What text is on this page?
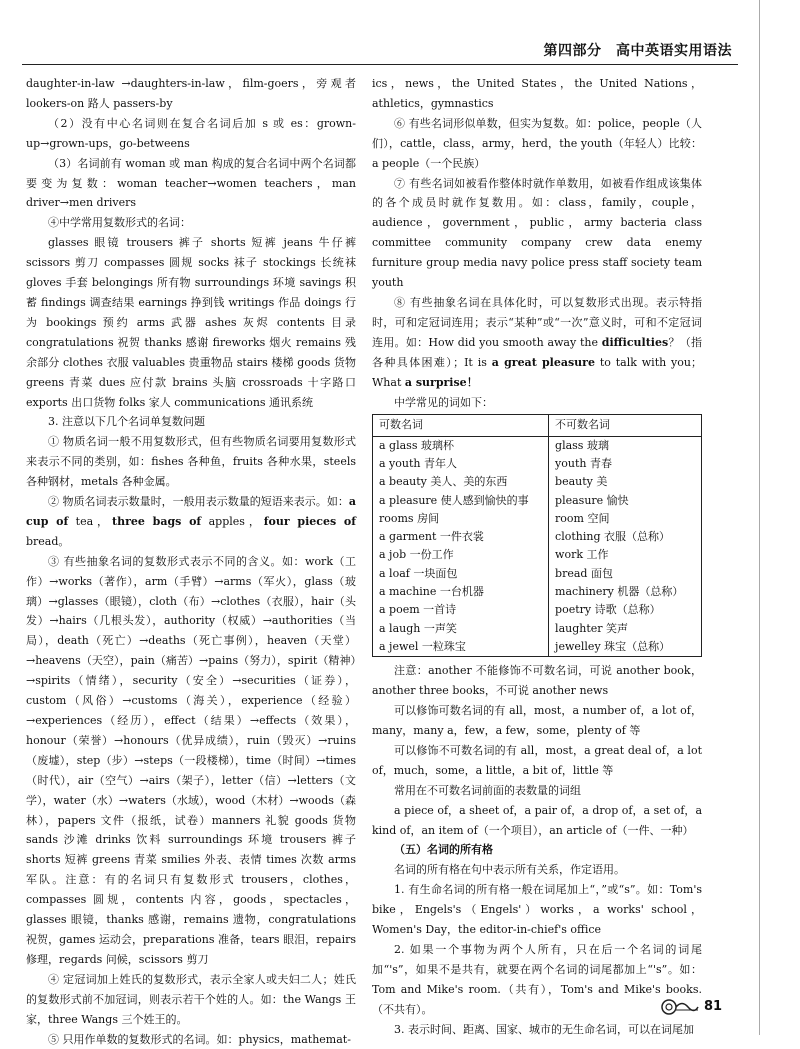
第四部分　高中英语实用语法

daughter-in-law →daughters-in-law，film-goers，旁观者 lookers-on 路人 passers-by

（2）没有中心名词则在复合名词后加 s 或 es：grown-up→grown-ups，go-betweens

（3）名词前有 woman 或 man 构成的复合名词中两个名词都要变为复数：woman teacher→women teachers，man driver→men drivers

④中学常用复数形式的名词：

glasses 眼镜 trousers 裤子 shorts 短裤 jeans 牛仔裤 scissors 剪刀 compasses 圆规 socks 袜子 stockings 长统袜 gloves 手套 belongings 所有物 surroundings 环境 savings 积蓄 findings 调查结果 earnings 挣到钱 writings 作品 doings 行为 bookings 预约 arms 武器 ashes 灰烬 contents 目录 congratulations 祝贺 thanks 感谢 fireworks 烟火 remains 残余部分 clothes 衣服 valuables 贵重物品 stairs 楼梯 goods 货物 greens 青菜 dues 应付款 brains 头脑 crossroads 十字路口 exports 出口货物 folks 家人 communications 通讯系统

3. 注意以下几个名词单复数问题

① 物质名词一般不用复数形式，但有些物质名词要用复数形式来表示不同的类别，如：fishes 各种鱼，fruits 各种水果，steels 各种钢材，metals 各种金属。

② 物质名词表示数量时，一般用表示数量的短语来表示。如：a cup of tea，three bags of apples，four pieces of bread。

③ 有些抽象名词的复数形式表示不同的含义。如：work（工作）→works（著作），arm（手臂）→arms（军火），glass（玻璃）→glasses（眼镜），cloth（布）→clothes（衣服），hair（头发）→hairs（几根头发），authority（权威）→authorities（当局），death（死亡）→deaths（死亡事例），heaven（天堂）→heavens（天空），pain（痛苦）→pains（努力），spirit（精神）→spirits（情绪），security（安全）→securities（证券），custom（风俗）→customs（海关），experience（经验）→experiences（经历），effect（结果）→effects（效果），honour（荣誉）→honours（优异成绩），ruin（毁灭）→ruins（废墟），step（步）→steps（一段楼梯），time（时间）→times（时代），air（空气）→airs（架子），letter（信）→letters（文学），water（水）→waters（水域），wood（木材）→woods（森林），papers 文件（报纸，试卷）manners 礼貌 goods 货物 sands 沙滩 drinks 饮料 surroundings 环境 trousers 裤子 shorts 短裤 greens 青菜 smilies 外表、表情 times 次数 arms 军队。注意：有的名词只有复数形式 trousers，clothes，compasses 圆规，contents 内容，goods，spectacles，glasses 眼镜，thanks 感谢，remains 遗物，congratulations 祝贺，games 运动会，preparations 准备，tears 眼泪，repairs 修理，regards 问候，scissors 剪刀

④ 定冠词加上姓氏的复数形式，表示全家人或夫妇二人；姓氏的复数形式前不加冠词，则表示若干个姓的人。如：the Wangs 王家，three Wangs 三个姓王的。

⑤ 只用作单数的复数形式的名词。如：physics，mathemat-

ics，news，the United States，the United Nations，athletics，gymnastics

⑥ 有些名词形似单数，但实为复数。如：police，people（人们），cattle，class，army，herd，the youth（年轻人）比较：a people（一个民族）

⑦ 有些名词如被看作整体时就作单数用，如被看作组成该集体的各个成员时就作复数用。如：class，family，couple，audience，government，public，army bacteria class committee community company crew data enemy furniture group media navy police press staff society team youth

⑧ 有些抽象名词在具体化时，可以复数形式出现。表示特指时，可和定冠词连用；表示“某种”或“一次”意义时，可和不定冠词连用。如：How did you smooth away the difficulties？（指各种具体困难）；It is a great pleasure to talk with you；What a surprise！

中学常见的词如下：

可数名词	不可数名词
a glass 玻璃杯	glass 玻璃
a youth 青年人	youth 青春
a beauty 美人、美的东西	beauty 美
a pleasure 使人感到愉快的事	pleasure 愉快
rooms 房间	room 空间
a garment 一件衣裳	clothing 衣服（总称）
a job 一份工作	work 工作
a loaf 一块面包	bread 面包
a machine 一台机器	machinery 机器（总称）
a poem 一首诗	poetry 诗歌（总称）
a laugh 一声笑	laughter 笑声
a jewel 一粒珠宝	jewelley 珠宝（总称）

注意：another 不能修饰不可数名词，可说 another book，another three books，不可说 another news

可以修饰可数名词的有 all，most，a number of，a lot of，many，many a，few，a few，some，plenty of 等

可以修饰不可数名词的有 all，most，a great deal of，a lot of，much，some，a little，a bit of，little 等

常用在不可数名词前面的表数量的词组

a piece of，a sheet of，a pair of，a drop of，a set of，a kind of，an item of（一个项目），an article of（一件、一种）

（五）名词的所有格

名词的所有格在句中表示所有关系，作定语用。

1. 有生命名词的所有格一般在词尾加上“，”或“s”。如：Tom's bike，Engels's（Engels'）works，a works' school，Women's Day，the editor-in-chief's office

2. 如果一个事物为两个人所有，只在后一个名词的词尾加“'s”，如果不是共有，就要在两个名词的词尾都加上“'s”。如：Tom and Mike's room.（共有），Tom's and Mike's books.（不共有）。

3. 表示时间、距离、国家、城市的无生命名词，可以在词尾加

81
